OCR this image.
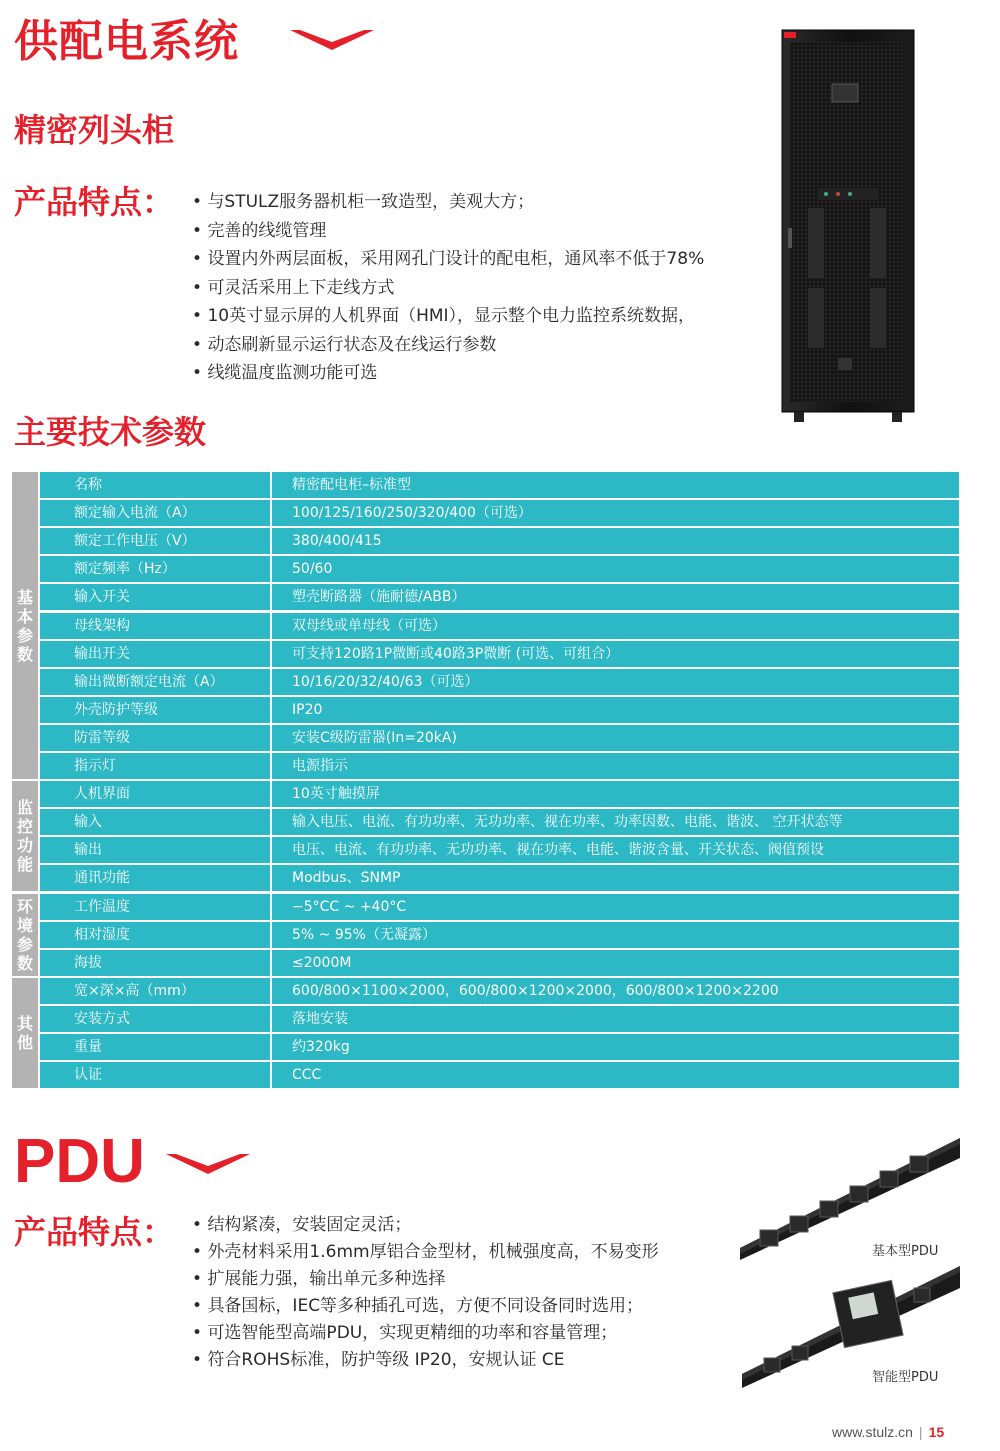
供配电系统
精密列头柜
产品特点：	• 与STULZ服务器机柜一致造型，美观大方；
• 完善的线缆管理
• 设置内外两层面板，采用网孔门设计的配电柜，通风率不低于78%
• 可灵活采用上下走线方式
• 10英寸显示屏的人机界面（HMI），显示整个电力监控系统数据，
• 动态刷新显示运行状态及在线运行参数
• 线缆温度监测功能可选
主要技术参数
名称	精密配电柜–标准型
额定输入电流（A）	100/125/160/250/320/400（可选）
额定工作电压（V）	380/400/415
额定频率（Hz）	50/60
输入开关	塑壳断路器（施耐德/ABB）
母线架构	双母线或单母线（可选）
输出开关	可支持120路1P微断或40路3P微断 (可选、可组合）
输出微断额定电流（A）	10/16/20/32/40/63（可选）
外壳防护等级	IP20
防雷等级	安装C级防雷器(In=20kA)
指示灯	电源指示
基本参数
人机界面	10英寸触摸屏
输入	输入电压、电流、有功功率、无功功率、视在功率、功率因数、电能、谐波、 空开状态等
输出	电压、电流、有功功率、无功功率、视在功率、电能、谐波含量、开关状态、阀值预设
通讯功能	Modbus、SNMP
监控功能
工作温度	−5°CC ~ +40°C
相对湿度	5% ~ 95%（无凝露）
海拔	≤2000M
环境参数
宽×深×高（mm）	600/800×1100×2000，600/800×1200×2000，600/800×1200×2200
安装方式	落地安装
重量	约320kg
认证	CCC
其他
PDU
产品特点：	• 结构紧凑，安装固定灵活；
• 外壳材料采用1.6mm厚铝合金型材，机械强度高，不易变形
• 扩展能力强，输出单元多种选择
• 具备国标，IEC等多种插孔可选，方便不同设备同时选用；
• 可选智能型高端PDU，实现更精细的功率和容量管理；
• 符合ROHS标准，防护等级 IP20，安规认证 CE
基本型PDU
智能型PDU
www.stulz.cn | 15
